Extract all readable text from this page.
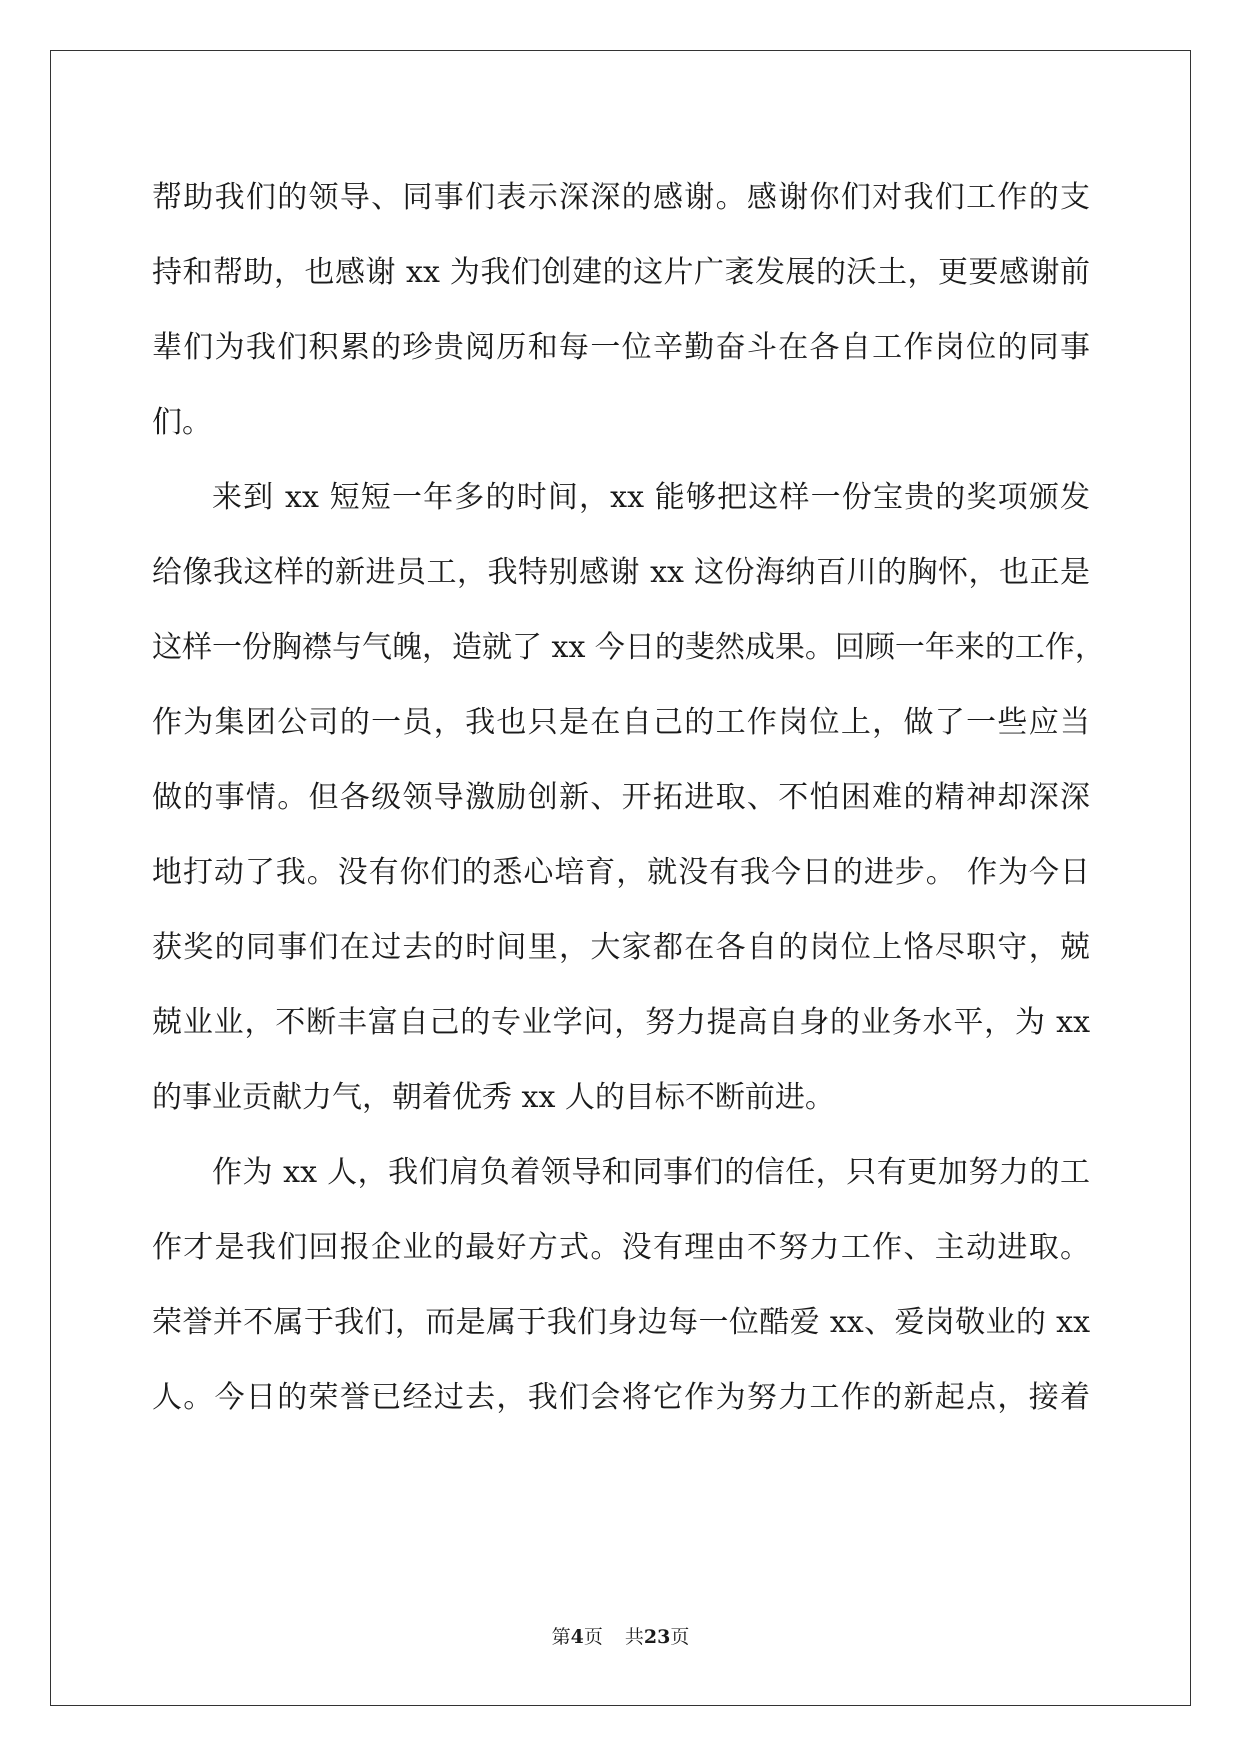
帮助我们的领导、同事们表示深深的感谢。感谢你们对我们工作的支
持和帮助，也感谢 xx 为我们创建的这片广袤发展的沃土，更要感谢前
辈们为我们积累的珍贵阅历和每一位辛勤奋斗在各自工作岗位的同事
们。
来到 xx 短短一年多的时间，xx 能够把这样一份宝贵的奖项颁发
给像我这样的新进员工，我特别感谢 xx 这份海纳百川的胸怀，也正是
这样一份胸襟与气魄，造就了 xx 今日的斐然成果。回顾一年来的工作，
作为集团公司的一员，我也只是在自己的工作岗位上，做了一些应当
做的事情。但各级领导激励创新、开拓进取、不怕困难的精神却深深
地打动了我。没有你们的悉心培育，就没有我今日的进步。 作为今日
获奖的同事们在过去的时间里，大家都在各自的岗位上恪尽职守，兢
兢业业，不断丰富自己的专业学问，努力提高自身的业务水平，为 xx
的事业贡献力气，朝着优秀 xx 人的目标不断前进。
作为 xx 人，我们肩负着领导和同事们的信任，只有更加努力的工
作才是我们回报企业的最好方式。没有理由不努力工作、主动进取。
荣誉并不属于我们，而是属于我们身边每一位酷爱 xx、爱岗敬业的 xx
人。今日的荣誉已经过去，我们会将它作为努力工作的新起点，接着
第4页 共23页
